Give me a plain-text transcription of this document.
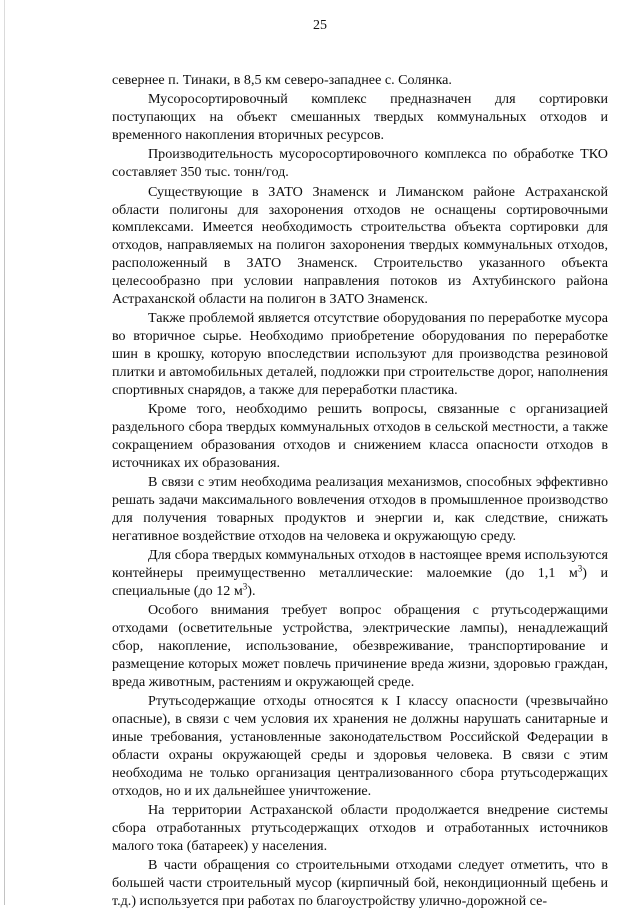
25

севернее п. Тинаки, в 8,5 км северо-западнее с. Солянка.

Мусоросортировочный комплекс предназначен для сортировки поступающих на объект смешанных твердых коммунальных отходов и временного накопления вторичных ресурсов.

Производительность мусоросортировочного комплекса по обработке ТКО составляет 350 тыс. тонн/год.

Существующие в ЗАТО Знаменск и Лиманском районе Астраханской области полигоны для захоронения отходов не оснащены сортировочными комплексами. Имеется необходимость строительства объекта сортировки для отходов, направляемых на полигон захоронения твердых коммунальных отходов, расположенный в ЗАТО Знаменск. Строительство указанного объекта целесообразно при условии направления потоков из Ахтубинского района Астраханской области на полигон в ЗАТО Знаменск.

Также проблемой является отсутствие оборудования по переработке мусора во вторичное сырье. Необходимо приобретение оборудования по переработке шин в крошку, которую впоследствии используют для производства резиновой плитки и автомобильных деталей, подложки при строительстве дорог, наполнения спортивных снарядов, а также для переработки пластика.

Кроме того, необходимо решить вопросы, связанные с организацией раздельного сбора твердых коммунальных отходов в сельской местности, а также сокращением образования отходов и снижением класса опасности отходов в источниках их образования.

В связи с этим необходима реализация механизмов, способных эффективно решать задачи максимального вовлечения отходов в промышленное производство для получения товарных продуктов и энергии и, как следствие, снижать негативное воздействие отходов на человека и окружающую среду.

Для сбора твердых коммунальных отходов в настоящее время используются контейнеры преимущественно металлические: малоемкие (до 1,1 $м^3$) и специальные (до 12 $м^3$).

Особого внимания требует вопрос обращения с ртутьсодержащими отходами (осветительные устройства, электрические лампы), ненадлежащий сбор, накопление, использование, обезвреживание, транспортирование и размещение которых может повлечь причинение вреда жизни, здоровью граждан, вреда животным, растениям и окружающей среде.

Ртутьсодержащие отходы относятся к I классу опасности (чрезвычайно опасные), в связи с чем условия их хранения не должны нарушать санитарные и иные требования, установленные законодательством Российской Федерации в области охраны окружающей среды и здоровья человека. В связи с этим необходима не только организация централизованного сбора ртутьсодержащих отходов, но и их дальнейшее уничтожение.

На территории Астраханской области продолжается внедрение системы сбора отработанных ртутьсодержащих отходов и отработанных источников малого тока (батареек) у населения.

В части обращения со строительными отходами следует отметить, что в большей части строительный мусор (кирпичный бой, некондиционный щебень и т.д.) используется при работах по благоустройству улично-дорожной се-
